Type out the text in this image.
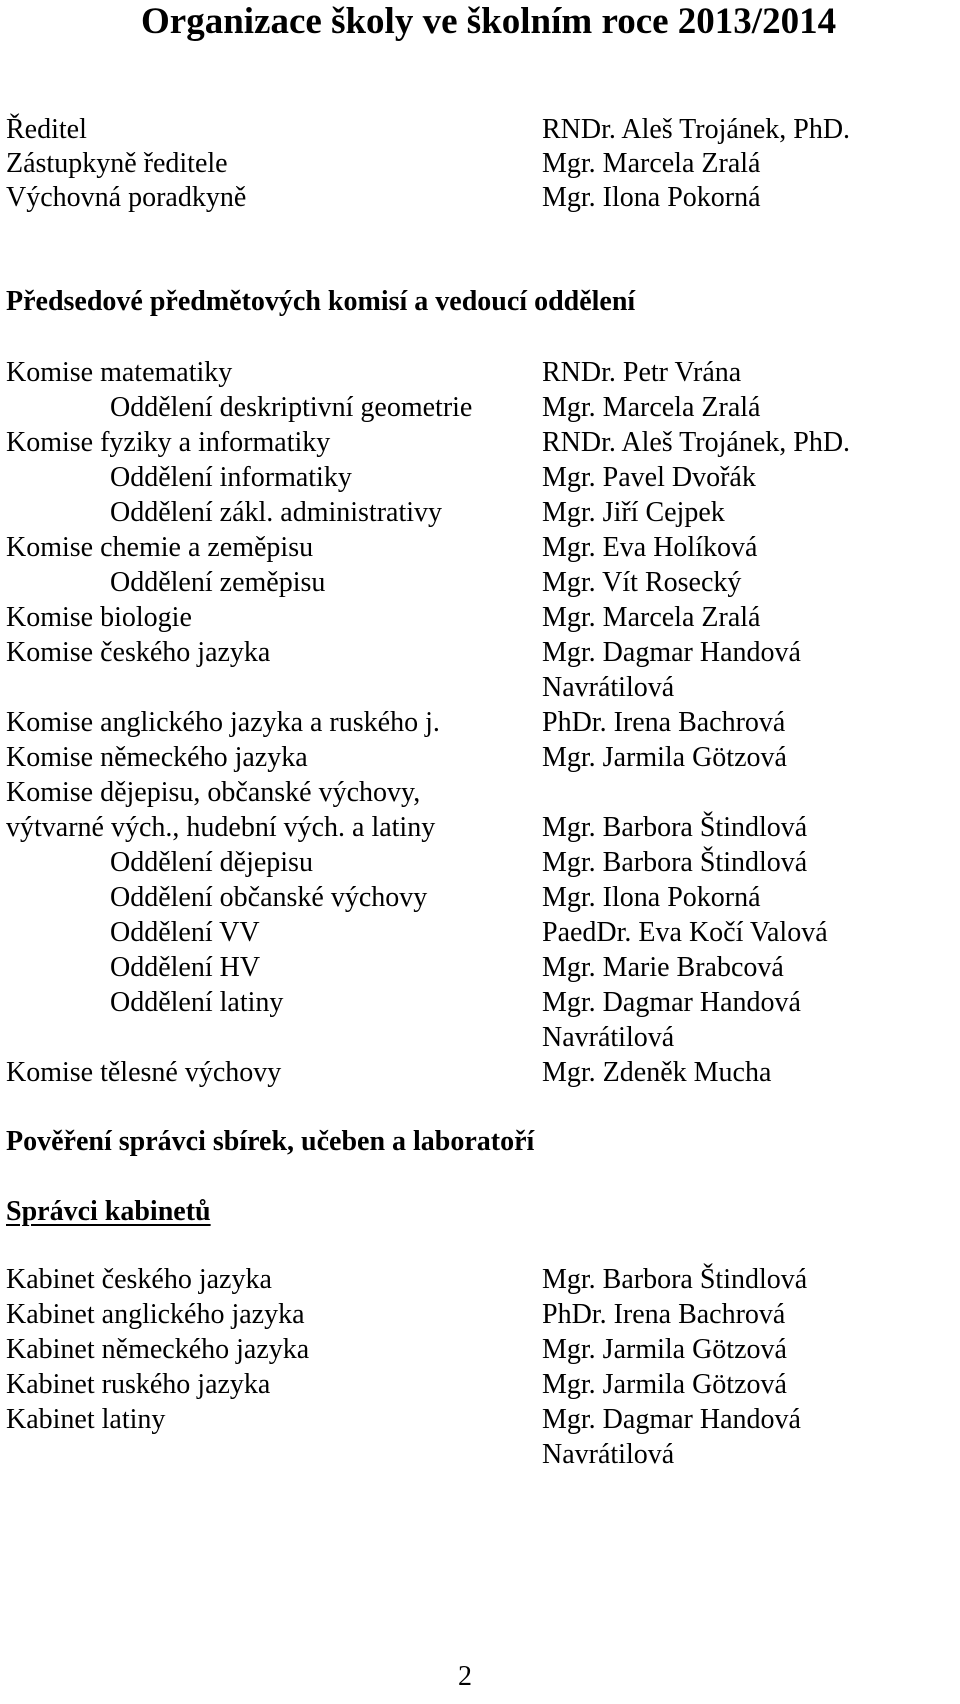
Organizace školy ve školním roce 2013/2014
Ředitel	RNDr. Aleš Trojánek, PhD.
Zástupkyně ředitele	Mgr. Marcela Zralá
Výchovná poradkyně	Mgr. Ilona Pokorná
Předsedové předmětových komisí a vedoucí oddělení
Komise matematiky	RNDr. Petr Vrána
Oddělení deskriptivní geometrie Mgr. Marcela Zralá
Komise fyziky a informatiky	RNDr. Aleš Trojánek, PhD.
Oddělení informatiky	Mgr. Pavel Dvořák
Oddělení zákl. administrativy	Mgr. Jiří Cejpek
Komise chemie a zeměpisu	Mgr. Eva Holíková
Oddělení zeměpisu	Mgr. Vít Rosecký
Komise biologie	Mgr. Marcela Zralá
Komise českého jazyka	Mgr. Dagmar Handová
Navrátilová
Komise anglického jazyka a ruského j.	PhDr. Irena Bachrová
Komise německého jazyka	Mgr. Jarmila Götzová
Komise dějepisu, občanské výchovy,
výtvarné vých., hudební vých. a latiny	Mgr. Barbora Štindlová
Oddělení dějepisu	Mgr. Barbora Štindlová
Oddělení občanské výchovy	Mgr. Ilona Pokorná
Oddělení VV	PaedDr. Eva Kočí Valová
Oddělení HV	Mgr. Marie Brabcová
Oddělení latiny	Mgr. Dagmar Handová
Navrátilová
Komise tělesné výchovy	Mgr. Zdeněk Mucha
Pověření správci sbírek, učeben a laboratoří
Správci kabinetů
Kabinet českého jazyka	Mgr. Barbora Štindlová
Kabinet anglického jazyka	PhDr. Irena Bachrová
Kabinet německého jazyka	Mgr. Jarmila Götzová
Kabinet ruského jazyka	Mgr. Jarmila Götzová
Kabinet latiny	Mgr. Dagmar Handová
Navrátilová
2
